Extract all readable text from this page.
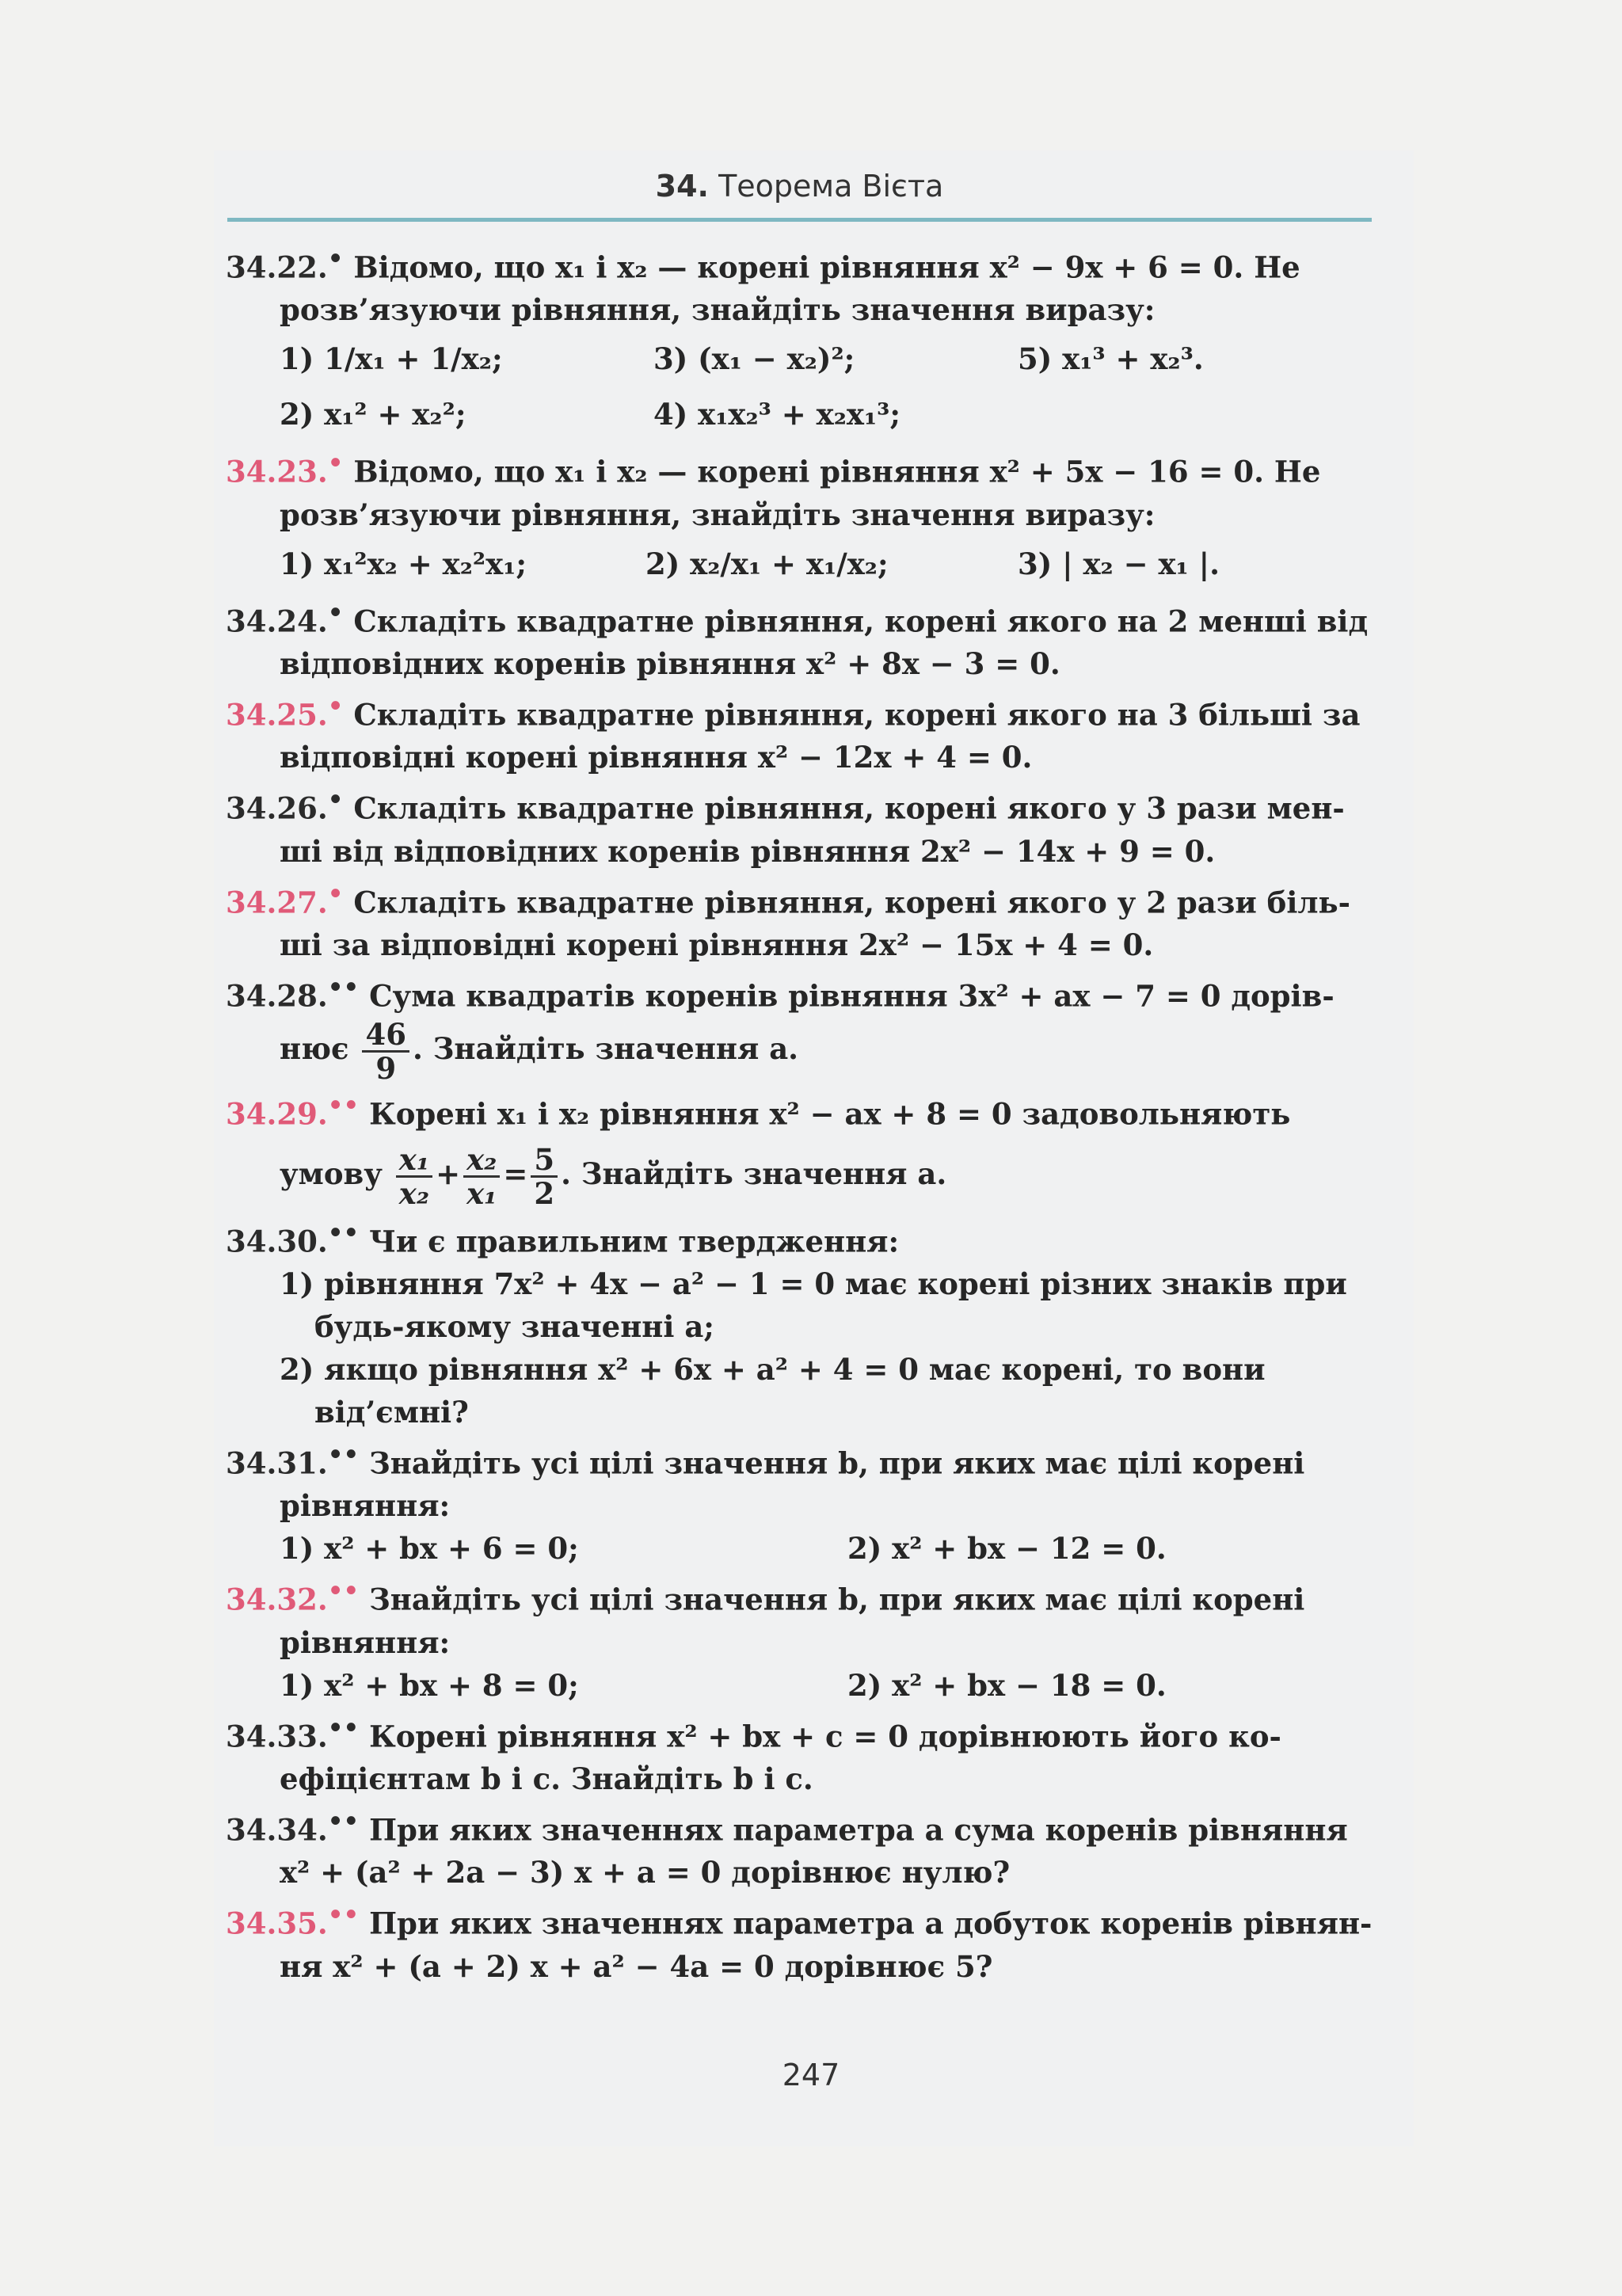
34. Теорема Вієта
34.22.• Відомо, що x₁ і x₂ — корені рівняння x² − 9x + 6 = 0. Не
розв’язуючи рівняння, знайдіть значення виразу:
1) 1/x₁ + 1/x₂;	3) (x₁ − x₂)²;	5) x₁³ + x₂³.
2) x₁² + x₂²;	4) x₁x₂³ + x₂x₁³;
34.23.• Відомо, що x₁ і x₂ — корені рівняння x² + 5x − 16 = 0. Не
розв’язуючи рівняння, знайдіть значення виразу:
1) x₁²x₂ + x₂²x₁;	2) x₂/x₁ + x₁/x₂;	3) | x₂ − x₁ |.
34.24.• Складіть квадратне рівняння, корені якого на 2 менші від
відповідних коренів рівняння x² + 8x − 3 = 0.
34.25.• Складіть квадратне рівняння, корені якого на 3 більші за
відповідні корені рівняння x² − 12x + 4 = 0.
34.26.• Складіть квадратне рівняння, корені якого у 3 рази мен-
ші від відповідних коренів рівняння 2x² − 14x + 9 = 0.
34.27.• Складіть квадратне рівняння, корені якого у 2 рази біль-
ші за відповідні корені рівняння 2x² − 15x + 4 = 0.
34.28.•• Сума квадратів коренів рівняння 3x² + ax − 7 = 0 дорів-
нює $\frac{46}{9}$ . Знайдіть значення a.
34.29.•• Корені x₁ і x₂ рівняння x² − ax + 8 = 0 задовольняють
умову $\frac{\text{x₁}}{\text{x₂}} + \frac{\text{x₂}}{\text{x₁}} = \frac{5}{2}$ . Знайдіть значення a.
34.30.•• Чи є правильним твердження:
1) рівняння 7x² + 4x − a² − 1 = 0 має корені різних знаків при
будь-якому значенні a;
2) якщо рівняння x² + 6x + a² + 4 = 0 має корені, то вони
від’ємні?
34.31.•• Знайдіть усі цілі значення b, при яких має цілі корені
рівняння:
1) x² + bx + 6 = 0;	2) x² + bx − 12 = 0.
34.32.•• Знайдіть усі цілі значення b, при яких має цілі корені
рівняння:
1) x² + bx + 8 = 0;	2) x² + bx − 18 = 0.
34.33.•• Корені рівняння x² + bx + c = 0 дорівнюють його ко-
ефіцієнтам b і c. Знайдіть b і c.
34.34.•• При яких значеннях параметра a сума коренів рівняння
x² + (a² + 2a − 3) x + a = 0 дорівнює нулю?
34.35.•• При яких значеннях параметра a добуток коренів рівнян-
ня x² + (a + 2) x + a² − 4a = 0 дорівнює 5?
247
